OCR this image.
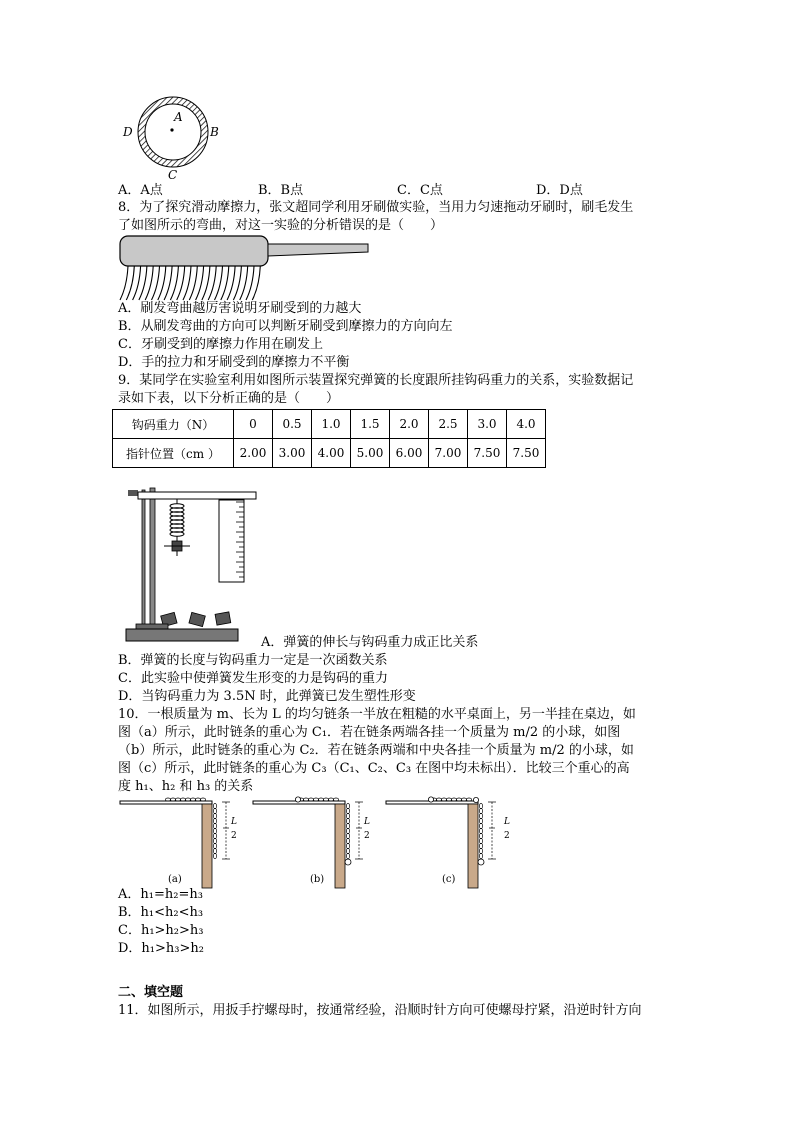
A
B
C
D
A．A点	B．B点	C．C点	D．D点
8．为了探究滑动摩擦力，张文超同学利用牙刷做实验，当用力匀速拖动牙刷时，刷毛发生
了如图所示的弯曲，对这一实验的分析错误的是（　　）
A．刷发弯曲越厉害说明牙刷受到的力越大
B．从刷发弯曲的方向可以判断牙刷受到摩擦力的方向向左
C．牙刷受到的摩擦力作用在刷发上
D．手的拉力和牙刷受到的摩擦力不平衡
9．某同学在实验室利用如图所示装置探究弹簧的长度跟所挂钩码重力的关系，实验数据记
录如下表，以下分析正确的是（　　）
钩码重力（N）	0	0.5	1.0	1.5	2.0	2.5	3.0	4.0
指针位置（cm ）	2.00	3.00	4.00	5.00	6.00	7.00	7.50	7.50
A．弹簧的伸长与钩码重力成正比关系
B．弹簧的长度与钩码重力一定是一次函数关系
C．此实验中使弹簧发生形变的力是钩码的重力
D．当钩码重力为 3.5N 时，此弹簧已发生塑性形变
10．一根质量为 m、长为 L 的均匀链条一半放在粗糙的水平桌面上，另一半挂在桌边，如
图（a）所示，此时链条的重心为 C₁．若在链条两端各挂一个质量为 m/2 的小球，如图
（b）所示，此时链条的重心为 C₂．若在链条两端和中央各挂一个质量为 m/2 的小球，如
图（c）所示，此时链条的重心为 C₃（C₁、C₂、C₃ 在图中均未标出）．比较三个重心的高
度 h₁、h₂ 和 h₃ 的关系
(a)	(b)	(c)
L
2
L
2
L
2
A．h₁=h₂=h₃
B．h₁<h₂<h₃
C．h₁>h₂>h₃
D．h₁>h₃>h₂
二、填空题
11．如图所示，用扳手拧螺母时，按通常经验，沿顺时针方向可使螺母拧紧，沿逆时针方向
